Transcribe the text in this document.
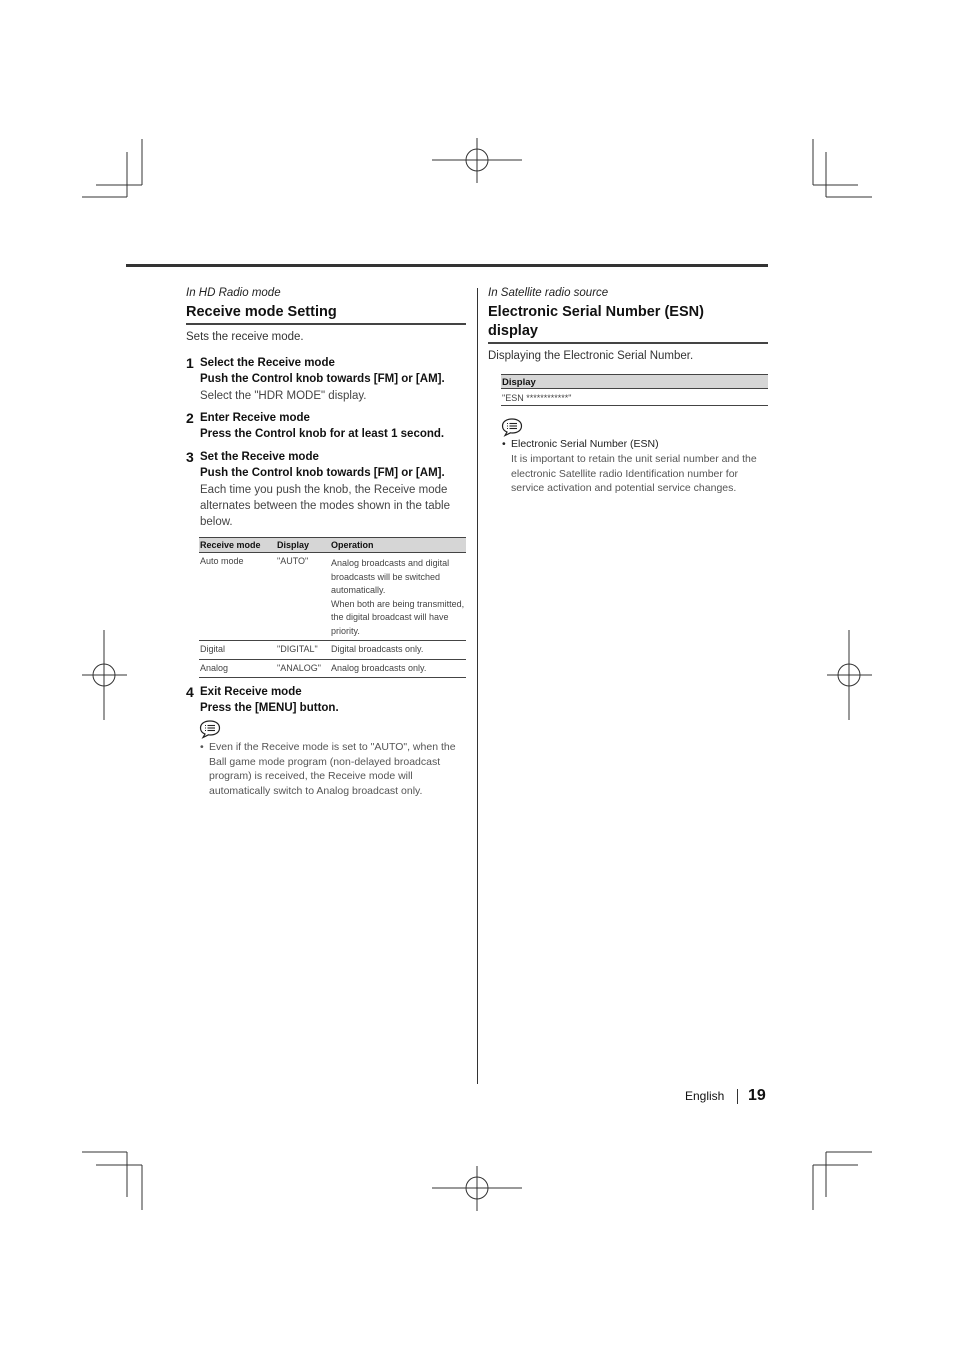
In HD Radio mode
Receive mode Setting
Sets the receive mode.
1 Select the Receive mode
Push the Control knob towards [FM] or [AM].
Select the "HDR MODE" display.
2 Enter Receive mode
Press the Control knob for at least 1 second.
3 Set the Receive mode
Push the Control knob towards [FM] or [AM].
Each time you push the knob, the Receive mode alternates between the modes shown in the table below.
Receive mode	Display	Operation
Auto mode	"AUTO"	Analog broadcasts and digital broadcasts will be switched automatically.
When both are being transmitted, the digital broadcast will have priority.

Digital	"DIGITAL"	Digital broadcasts only.
Analog	"ANALOG"	Analog broadcasts only.
4 Exit Receive mode
Press the [MENU] button.
• Even if the Receive mode is set to "AUTO", when the Ball game mode program (non-delayed broadcast program) is received, the Receive mode will automatically switch to Analog broadcast only.
In Satellite radio source
Electronic Serial Number (ESN)
display
Displaying the Electronic Serial Number.
Display
"ESN ************"
• Electronic Serial Number (ESN)
It is important to retain the unit serial number and the electronic Satellite radio Identification number for service activation and potential service changes.
English 19
